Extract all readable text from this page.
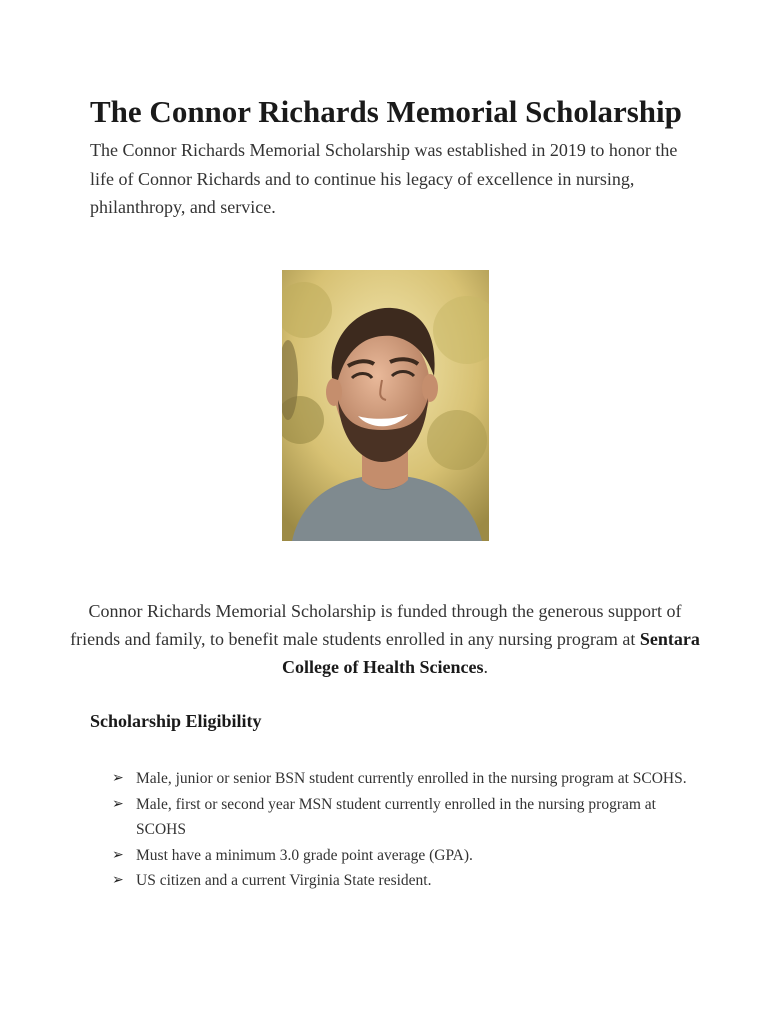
The Connor Richards Memorial Scholarship

The Connor Richards Memorial Scholarship was established in 2019 to honor the life of Connor Richards and to continue his legacy of excellence in nursing, philanthropy, and service.

Connor Richards Memorial Scholarship is funded through the generous support of friends and family, to benefit male students enrolled in any nursing program at Sentara College of Health Sciences.

Scholarship Eligibility
➢ Male, junior or senior BSN student currently enrolled in the nursing program at SCOHS.
➢ Male, first or second year MSN student currently enrolled in the nursing program at SCOHS
➢ Must have a minimum 3.0 grade point average (GPA).
➢ US citizen and a current Virginia State resident.
